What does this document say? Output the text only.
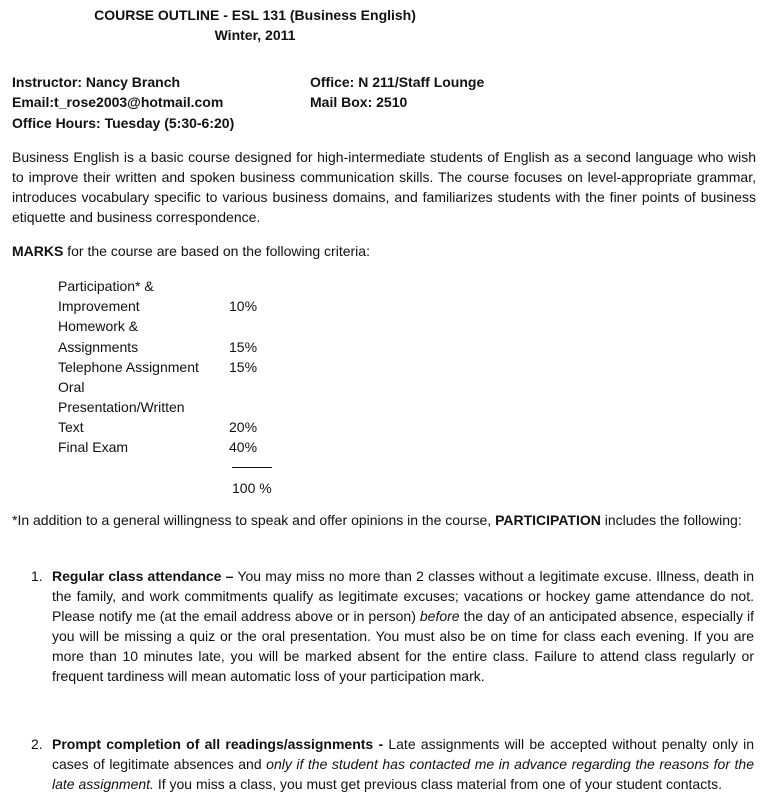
COURSE OUTLINE - ESL 131 (Business English)
Winter, 2011
Instructor: Nancy Branch
Email:t_rose2003@hotmail.com
Office Hours: Tuesday (5:30-6:20)
Office: N 211/Staff Lounge
Mail Box: 2510
Business English is a basic course designed for high-intermediate students of English as a second language who wish to improve their written and spoken business communication skills. The course focuses on level-appropriate grammar, introduces vocabulary specific to various business domains, and familiarizes students with the finer points of business etiquette and business correspondence.
MARKS for the course are based on the following criteria:
Participation* &
Improvement	10%
Homework &
Assignments	15%
Telephone Assignment 15%
Oral
Presentation/Written
Text	20%
Final Exam	40%
100 %
*In addition to a general willingness to speak and offer opinions in the course, PARTICIPATION includes the following:
1. Regular class attendance – You may miss no more than 2 classes without a legitimate excuse. Illness, death in the family, and work commitments qualify as legitimate excuses; vacations or hockey game attendance do not. Please notify me (at the email address above or in person) before the day of an anticipated absence, especially if you will be missing a quiz or the oral presentation. You must also be on time for class each evening. If you are more than 10 minutes late, you will be marked absent for the entire class. Failure to attend class regularly or frequent tardiness will mean automatic loss of your participation mark.
2. Prompt completion of all readings/assignments - Late assignments will be accepted without penalty only in cases of legitimate absences and only if the student has contacted me in advance regarding the reasons for the late assignment. If you miss a class, you must get previous class material from one of your student contacts.
